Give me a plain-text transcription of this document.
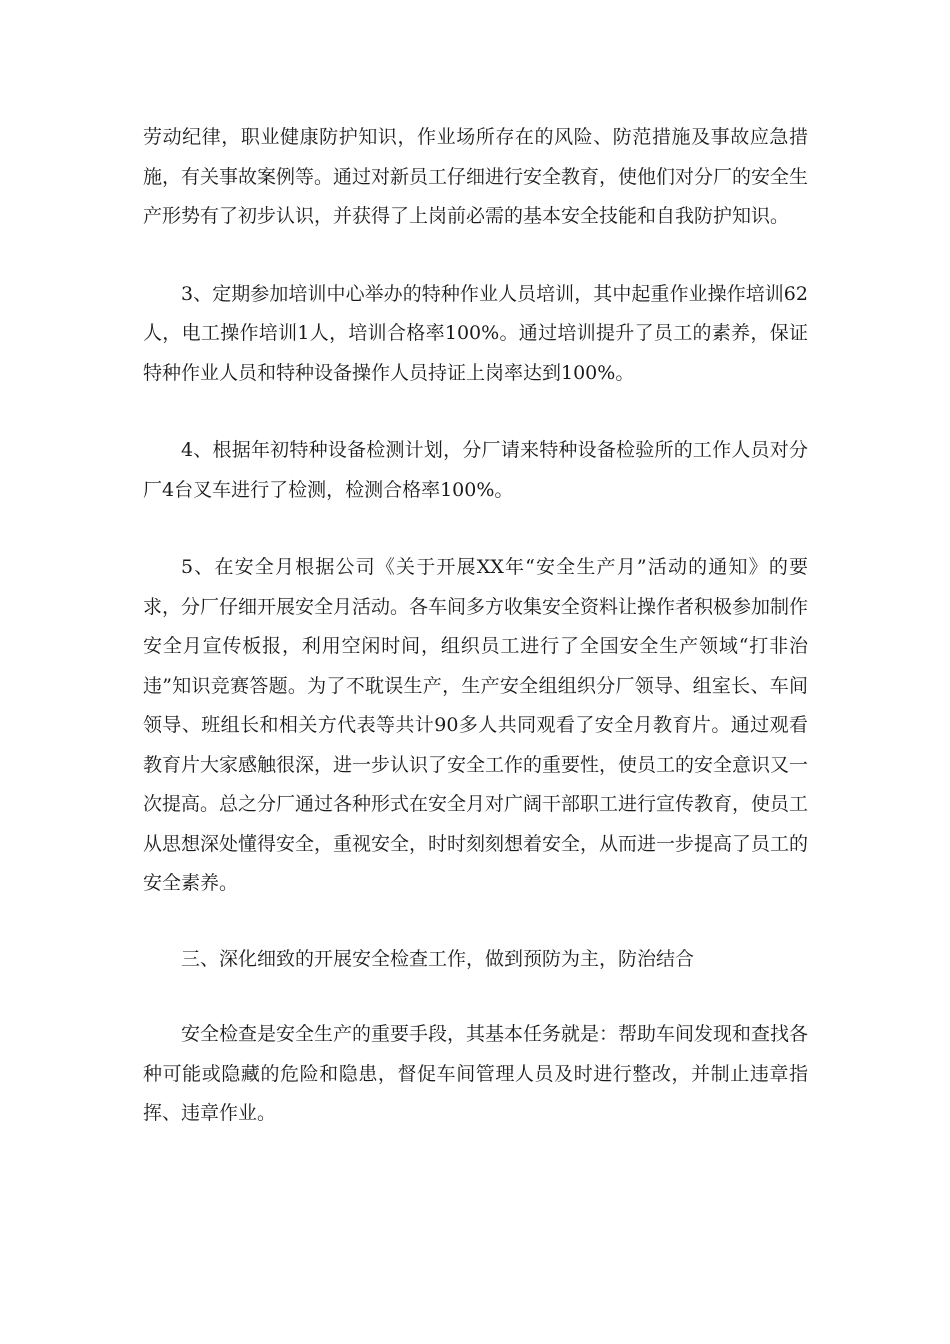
劳动纪律，职业健康防护知识，作业场所存在的风险、防范措施及事故应急措施，有关事故案例等。通过对新员工仔细进行安全教育，使他们对分厂的安全生产形势有了初步认识，并获得了上岗前必需的基本安全技能和自我防护知识。

3、定期参加培训中心举办的特种作业人员培训，其中起重作业操作培训62人，电工操作培训1人，培训合格率100%。通过培训提升了员工的素养，保证特种作业人员和特种设备操作人员持证上岗率达到100%。

4、根据年初特种设备检测计划，分厂请来特种设备检验所的工作人员对分厂4台叉车进行了检测，检测合格率100%。

5、在安全月根据公司《关于开展XX年“安全生产月”活动的通知》的要求，分厂仔细开展安全月活动。各车间多方收集安全资料让操作者积极参加制作安全月宣传板报，利用空闲时间，组织员工进行了全国安全生产领域“打非治违”知识竞赛答题。为了不耽误生产，生产安全组组织分厂领导、组室长、车间领导、班组长和相关方代表等共计90多人共同观看了安全月教育片。通过观看教育片大家感触很深，进一步认识了安全工作的重要性，使员工的安全意识又一次提高。总之分厂通过各种形式在安全月对广阔干部职工进行宣传教育，使员工从思想深处懂得安全，重视安全，时时刻刻想着安全，从而进一步提高了员工的安全素养。

三、深化细致的开展安全检查工作，做到预防为主，防治结合

安全检查是安全生产的重要手段，其基本任务就是：帮助车间发现和查找各种可能或隐藏的危险和隐患，督促车间管理人员及时进行整改，并制止违章指挥、违章作业。
